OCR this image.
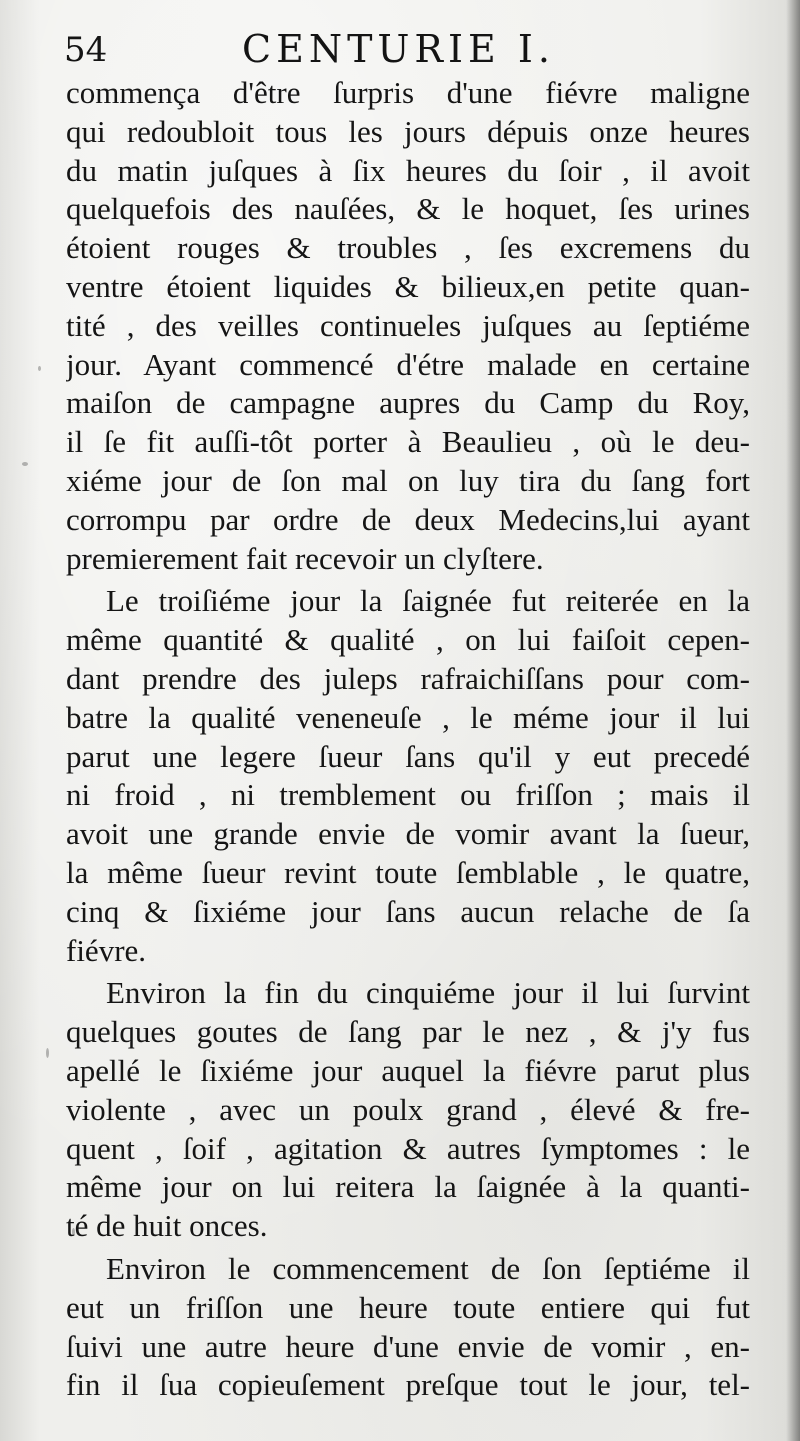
54	CENTURIE I.
commença d'être ſurpris d'une fiévre maligne
qui redoubloit tous les jours dépuis onze heures
du matin juſques à ſix heures du ſoir , il avoit
quelquefois des nauſées, & le hoquet, ſes urines
étoient rouges & troubles , ſes excremens du
ventre étoient liquides & bilieux,en petite quan-
tité , des veilles continueles juſques au ſeptiéme
jour. Ayant commencé d'étre malade en certaine
maiſon de campagne aupres du Camp du Roy,
il ſe fit auſſi-tôt porter à Beaulieu , où le deu-
xiéme jour de ſon mal on luy tira du ſang fort
corrompu par ordre de deux Medecins,lui ayant
premierement fait recevoir un clyſtere.
Le troiſiéme jour la ſaignée fut reiterée en la
même quantité & qualité , on lui faiſoit cepen-
dant prendre des juleps rafraichiſſans pour com-
batre la qualité veneneuſe , le méme jour il lui
parut une legere ſueur ſans qu'il y eut precedé
ni froid , ni tremblement ou friſſon ; mais il
avoit une grande envie de vomir avant la ſueur,
la même ſueur revint toute ſemblable , le quatre,
cinq & ſixiéme jour ſans aucun relache de ſa
fiévre.
Environ la fin du cinquiéme jour il lui ſurvint
quelques goutes de ſang par le nez , & j'y fus
apellé le ſixiéme jour auquel la fiévre parut plus
violente , avec un poulx grand , élevé & fre-
quent , ſoif , agitation & autres ſymptomes : le
même jour on lui reitera la ſaignée à la quanti-
té de huit onces.
Environ le commencement de ſon ſeptiéme il
eut un friſſon une heure toute entiere qui fut
ſuivi une autre heure d'une envie de vomir , en-
fin il ſua copieuſement preſque tout le jour, tel-
